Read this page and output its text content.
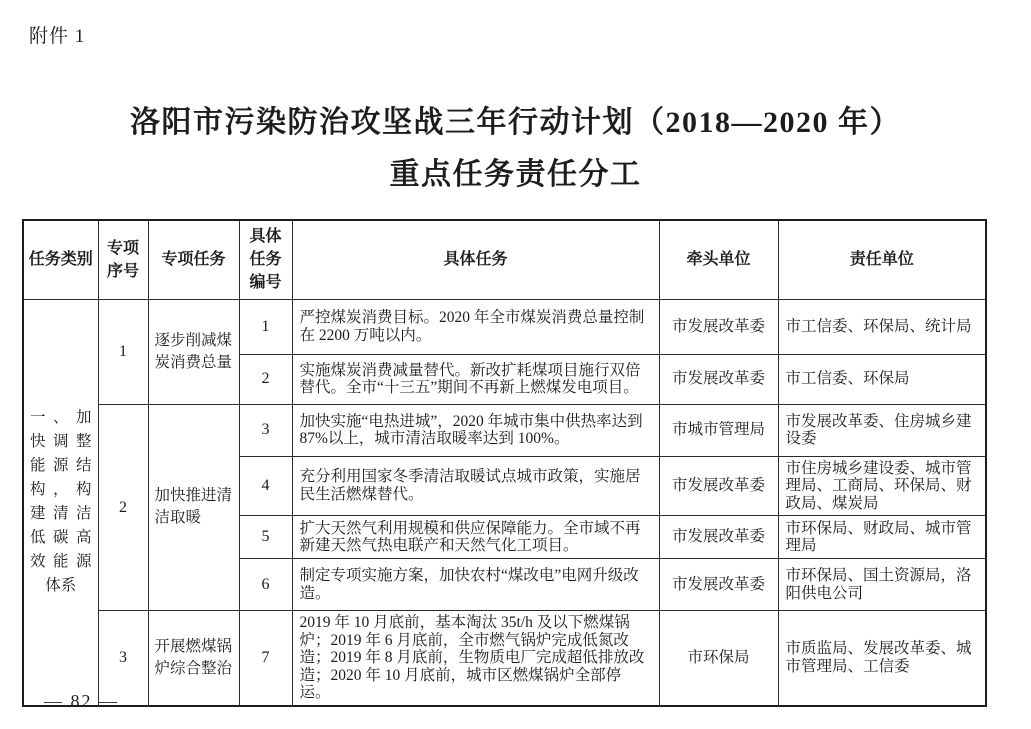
附件 1
洛阳市污染防治攻坚战三年行动计划（2018—2020 年）
重点任务责任分工
任务类别	专项序号	专项任务	具体任务编号	具体任务	牵头单位	责任单位
一、加快调整能源结构，构建清洁低碳高效能源体系	1	逐步削减煤炭消费总量	1	严控煤炭消费目标。2020 年全市煤炭消费总量控制在 2200 万吨以内。	市发展改革委	市工信委、环保局、统计局
			2	实施煤炭消费减量替代。新改扩耗煤项目施行双倍替代。全市“十三五”期间不再新上燃煤发电项目。	市发展改革委	市工信委、环保局
	2	加快推进清洁取暖	3	加快实施“电热进城”，2020 年城市集中供热率达到 87%以上，城市清洁取暖率达到 100%。	市城市管理局	市发展改革委、住房城乡建设委
			4	充分利用国家冬季清洁取暖试点城市政策，实施居民生活燃煤替代。	市发展改革委	市住房城乡建设委、城市管理局、工商局、环保局、财政局、煤炭局
			5	扩大天然气利用规模和供应保障能力。全市域不再新建天然气热电联产和天然气化工项目。	市发展改革委	市环保局、财政局、城市管理局
			6	制定专项实施方案，加快农村“煤改电”电网升级改造。	市发展改革委	市环保局、国土资源局，洛阳供电公司
	3	开展燃煤锅炉综合整治	7	2019 年 10 月底前，基本淘汰 35t/h 及以下燃煤锅炉；2019 年 6 月底前，全市燃气锅炉完成低氮改造；2019 年 8 月底前，生物质电厂完成超低排放改造；2020 年 10 月底前，城市区燃煤锅炉全部停运。	市环保局	市质监局、发展改革委、城市管理局、工信委
— 82 —
